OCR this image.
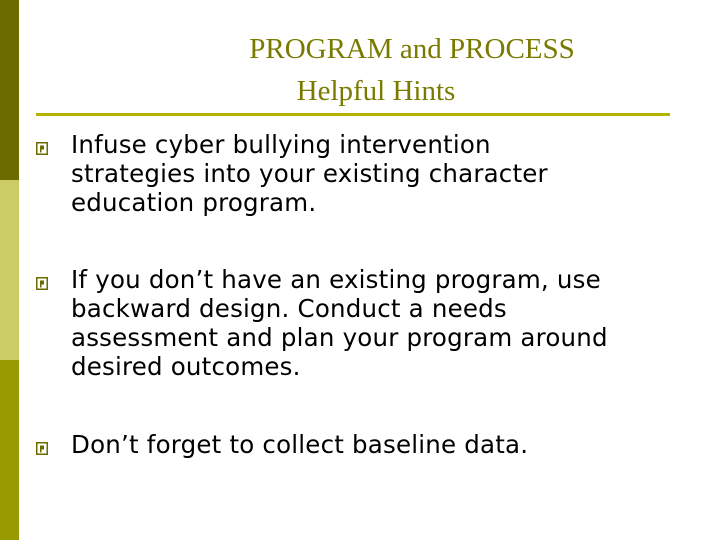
PROGRAM and PROCESS
Helpful Hints
Infuse cyber bullying intervention
strategies into your existing character
education program.
If you don’t have an existing program, use
backward design. Conduct a needs
assessment and plan your program around
desired outcomes.
Don’t forget to collect baseline data.
